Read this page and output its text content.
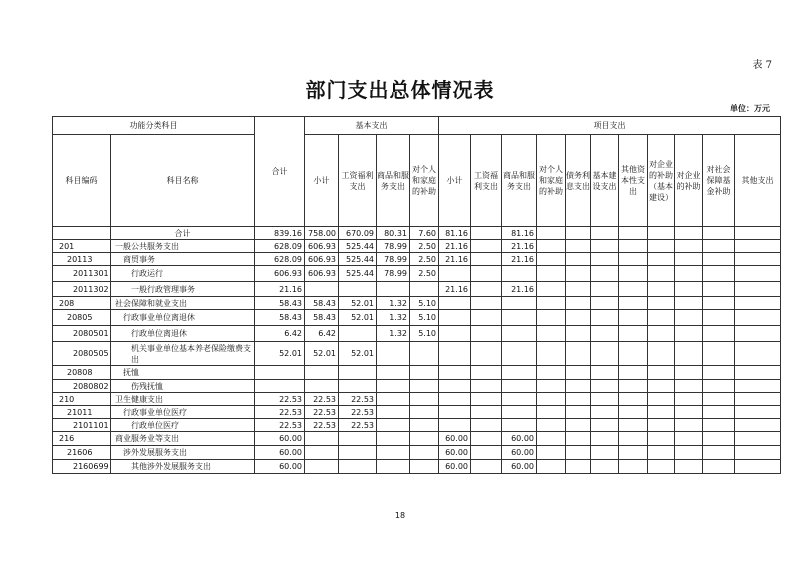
表 7
部门支出总体情况表
单位：万元
功能分类科目		合计	基本支出				项目支出										
科目编码	科目名称		小计	工资福利支出	商品和服务支出	对个人和家庭的补助	小计	工资福利支出	商品和服务支出	对个人和家庭的补助	债务利息支出	基本建设支出	其他资本性支出	对企业的补助（基本建设）	对企业的补助	对社会保障基金补助	其他支出
	合计	839.16	758.00	670.09	80.31	7.60	81.16		81.16								
201	一般公共服务支出	628.09	606.93	525.44	78.99	2.50	21.16		21.16								
20113	商贸事务	628.09	606.93	525.44	78.99	2.50	21.16		21.16								
2011301	行政运行	606.93	606.93	525.44	78.99	2.50											
2011302	一般行政管理事务	21.16					21.16		21.16								
208	社会保障和就业支出	58.43	58.43	52.01	1.32	5.10											
20805	行政事业单位离退休	58.43	58.43	52.01	1.32	5.10											
2080501	行政单位离退休	6.42	6.42		1.32	5.10											
2080505	机关事业单位基本养老保险缴费支出	52.01	52.01	52.01													
20808	抚恤																
2080802	伤残抚恤																
210	卫生健康支出	22.53	22.53	22.53													
21011	行政事业单位医疗	22.53	22.53	22.53													
2101101	行政单位医疗	22.53	22.53	22.53													
216	商业服务业等支出	60.00					60.00		60.00								
21606	涉外发展服务支出	60.00					60.00		60.00								
2160699	其他涉外发展服务支出	60.00					60.00		60.00								
18
